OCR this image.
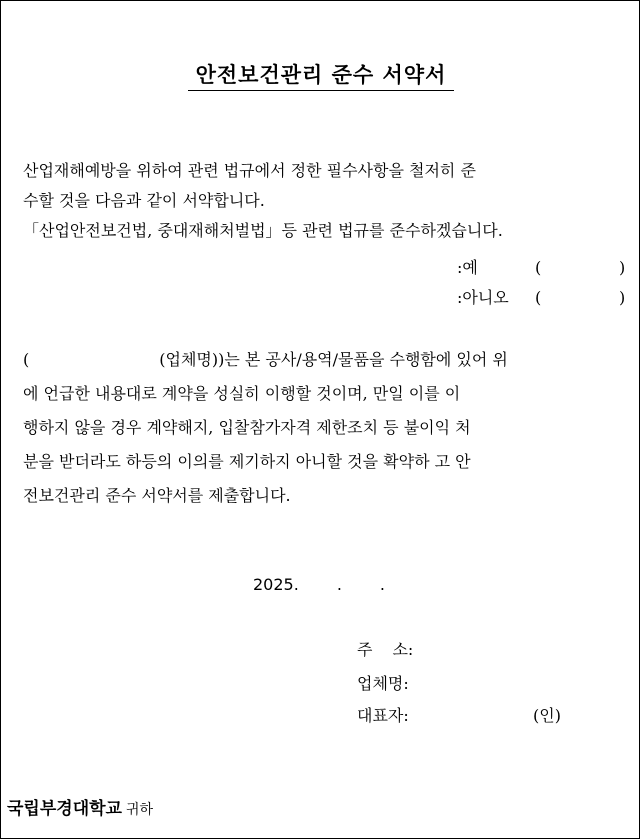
안전보건관리 준수 서약서
산업재해예방을 위하여 관련 법규에서 정한 필수사항을 철저히 준
수할 것을 다음과 같이 서약합니다.
「산업안전보건법, 중대재해처벌법」등 관련 법규를 준수하겠습니다.
:예	(	)
:아니오 (	)
(	(업체명))는 본 공사/용역/물품을 수행함에 있어 위
에 언급한 내용대로 계약을 성실히 이행할 것이며, 만일 이를 이
행하지 않을 경우 계약해지, 입찰참가자격 제한조치 등 불이익 처
분을 받더라도 하등의 이의를 제기하지 아니할 것을 확약하 고 안
전보건관리 준수 서약서를 제출합니다.
2025. . .
주소:
업체명:
대표자:	(인)
국립부경대학교 귀하
